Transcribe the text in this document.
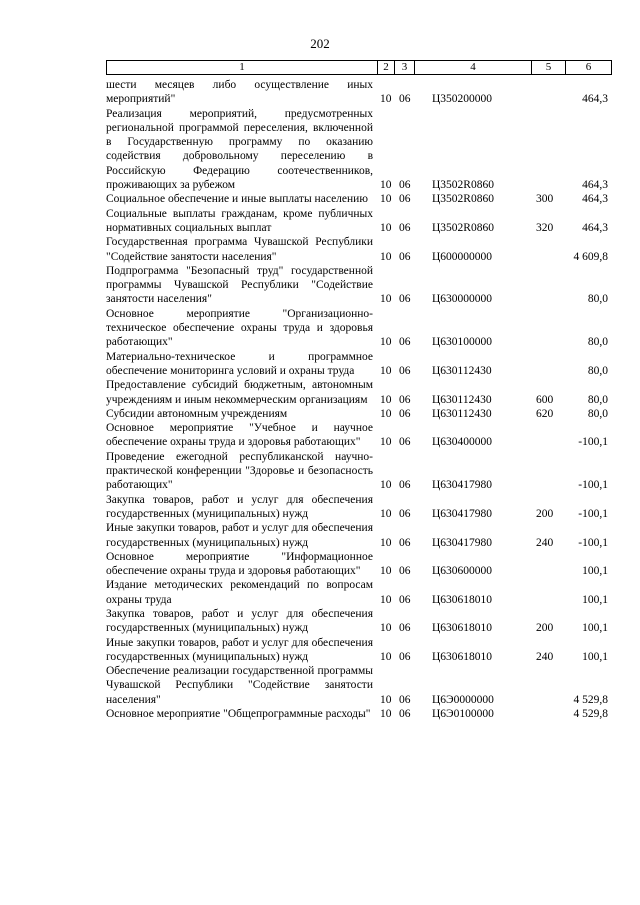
202
1	2	3	4	5	6
шести месяцев либо осуществление иных мероприятий"	10 06	Ц350200000	464,3
Реализация мероприятий, предусмотренных региональной программой переселения, включенной в Государственную программу по оказанию содействия добровольному переселению в Российскую Федерацию соотечественников, проживающих за рубежом	10 06	Ц3502R0860	464,3
Социальное обеспечение и иные выплаты населению	10 06	Ц3502R0860	300	464,3
Социальные выплаты гражданам, кроме публичных нормативных социальных выплат	10 06	Ц3502R0860	320	464,3
Государственная программа Чувашской Республики "Содействие занятости населения"	10 06	Ц600000000	4 609,8
Подпрограмма "Безопасный труд" государственной программы Чувашской Республики "Содействие занятости населения"	10 06	Ц630000000	80,0
Основное мероприятие "Организационно-техническое обеспечение охраны труда и здоровья работающих"	10 06	Ц630100000	80,0
Материально-техническое и программное обеспечение мониторинга условий и охраны труда	10 06	Ц630112430	80,0
Предоставление субсидий бюджетным, автономным учреждениям и иным некоммерческим организациям	10 06	Ц630112430	600	80,0
Субсидии автономным учреждениям	10 06	Ц630112430	620	80,0
Основное мероприятие "Учебное и научное обеспечение охраны труда и здоровья работающих"	10 06	Ц630400000	-100,1
Проведение ежегодной республиканской научно-практической конференции "Здоровье и безопасность работающих"	10 06	Ц630417980	-100,1
Закупка товаров, работ и услуг для обеспечения государственных (муниципальных) нужд	10 06	Ц630417980	200	-100,1
Иные закупки товаров, работ и услуг для обеспечения государственных (муниципальных) нужд	10 06	Ц630417980	240	-100,1
Основное мероприятие "Информационное обеспечение охраны труда и здоровья работающих"	10 06	Ц630600000	100,1
Издание методических рекомендаций по вопросам охраны труда	10 06	Ц630618010	100,1
Закупка товаров, работ и услуг для обеспечения государственных (муниципальных) нужд	10 06	Ц630618010	200	100,1
Иные закупки товаров, работ и услуг для обеспечения государственных (муниципальных) нужд	10 06	Ц630618010	240	100,1
Обеспечение реализации государственной программы Чувашской Республики "Содействие занятости населения"	10 06	Ц6Э0000000	4 529,8
Основное мероприятие "Общепрограммные расходы" 10 06	Ц6Э0100000	4 529,8
